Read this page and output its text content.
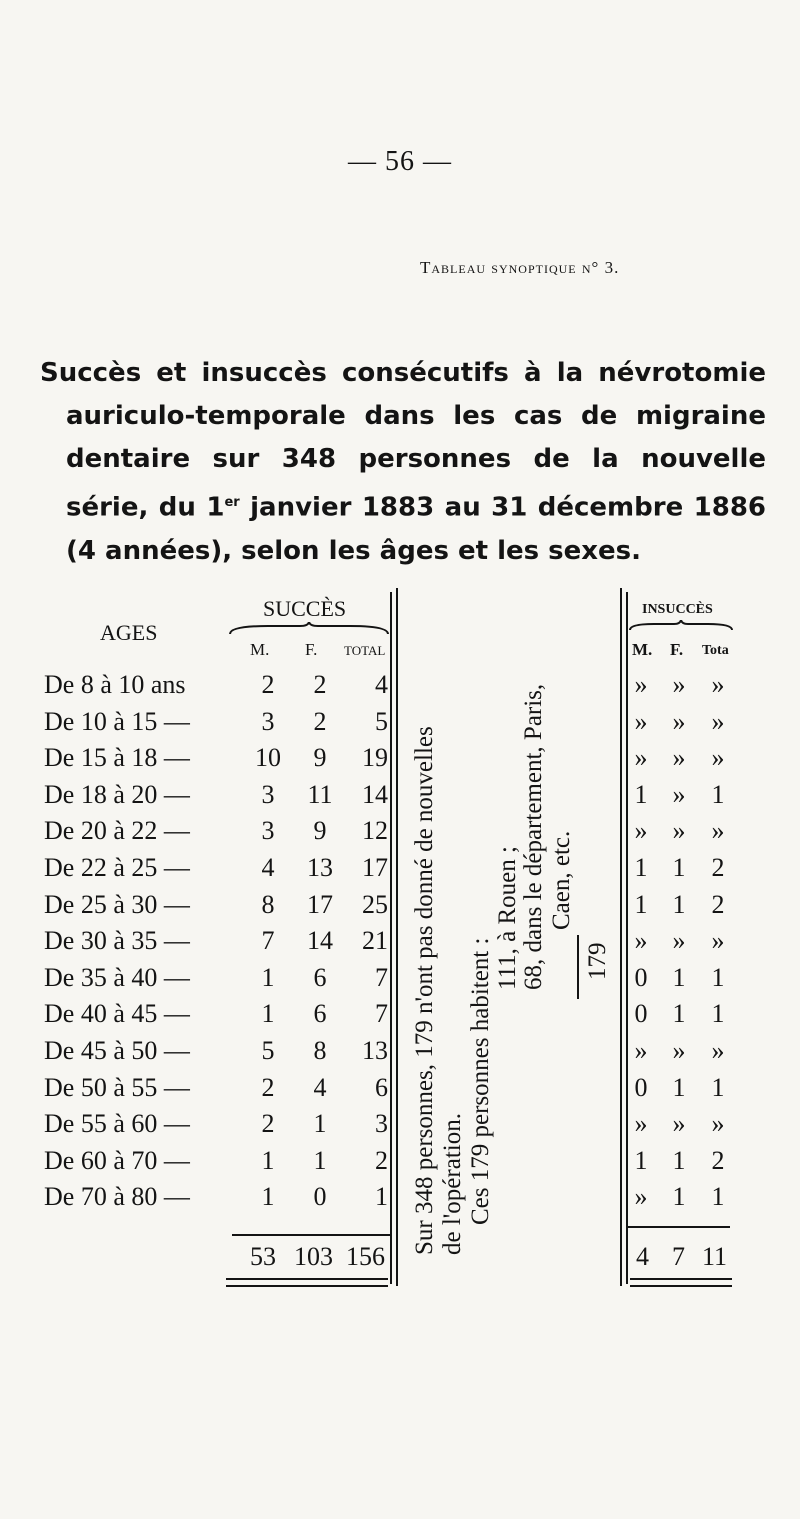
— 56 —
Tableau synoptique n° 3.

Succès et insuccès consécutifs à la névrotomie auriculo-temporale dans les cas de migraine dentaire sur 348 personnes de la nouvelle série, du 1er janvier 1883 au 31 décembre 1886 (4 années), selon les âges et les sexes.

AGES
SUCCÈS
M. F. TOTAL
INSUCCÈS
M. F. Tota
De 8 à 10 ans	2	2	4	» » »
De 10 à 15 —	3	2	5	» » »
De 15 à 18 —	10	9	19	» » »
De 18 à 20 —	3	11 14	1 » 1
De 20 à 22 —	3	9	12	» » »
De 22 à 25 —	4	13 17	1 1 2
De 25 à 30 —	8	17 25	1 1 2
De 30 à 35 —	7	14 21	» » »
De 35 à 40 —	1	6	7	0 1 1
De 40 à 45 —	1	6	7	0 1 1
De 45 à 50 —	5	8	13	» » »
De 50 à 55 —	2	4	6	0 1 1
De 55 à 60 —	2	1	3	» » »
De 60 à 70 —	1	1	2	1 1 2
De 70 à 80 —	1	0	1	» 1 1
53 103 156	4 7 11
Sur 348 personnes, 179 n'ont pas donné de nouvelles de l'opération. Ces 179 personnes habitent :
111, à Rouen ; 68, dans le département, Paris, Caen, etc.
179
